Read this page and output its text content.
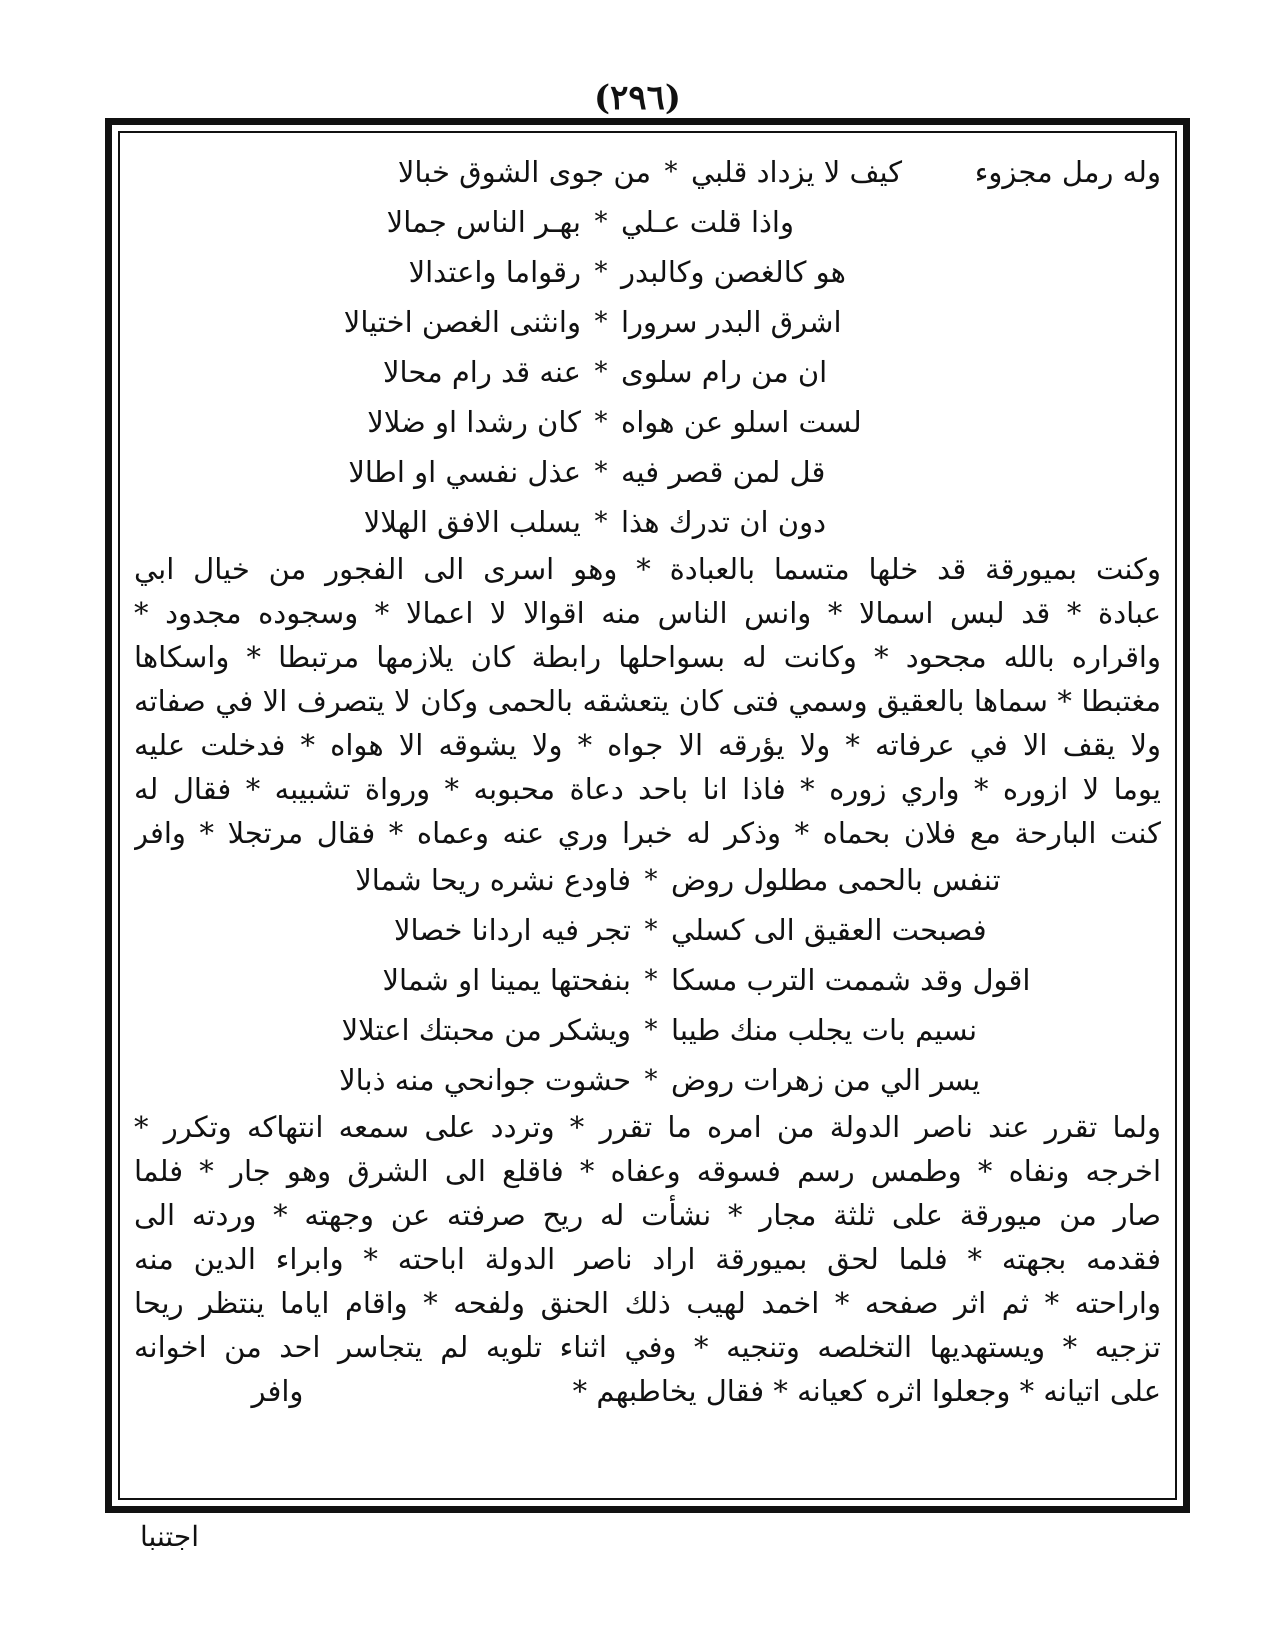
(٢٩٦)
وله رمل مجزوء
كيف لا يزداد قلبي
*
من جوى الشوق خبالا
واذا قلت عـلي
*
بهـر الناس جمالا
هو كالغصن وكالبدر
*
رقواما واعتدالا
اشرق البدر سرورا
*
وانثنى الغصن اختيالا
ان من رام سلوى
*
عنه قد رام محالا
لست اسلو عن هواه
*
كان رشدا او ضلالا
قل لمن قصر فيه
*
عذل نفسي او اطالا
دون ان تدرك هذا
*
يسلب الافق الهلالا
وكنت بميورقة قد خلها متسما بالعبادة * وهو اسرى الى الفجور من خيال ابي
عبادة * قد لبس اسمالا * وانس الناس منه اقوالا لا اعمالا * وسجوده مجدود *
واقراره بالله مجحود * وكانت له بسواحلها رابطة كان يلازمها مرتبطا * واسكاها
مغتبطا * سماها بالعقيق وسمي فتى كان يتعشقه بالحمى وكان لا يتصرف الا في صفاته
ولا يقف الا في عرفاته * ولا يؤرقه الا جواه * ولا يشوقه الا هواه * فدخلت عليه
يوما لا ازوره * واري زوره * فاذا انا باحد دعاة محبوبه * ورواة تشبيبه * فقال له
كنت البارحة مع فلان بحماه * وذكر له خبرا وري عنه وعماه * فقال مرتجلا * وافر
تنفس بالحمى مطلول روض
*
فاودع نشره ريحا شمالا
فصبحت العقيق الى كسلي
*
تجر فيه اردانا خصالا
اقول وقد شممت الترب مسكا
*
بنفحتها يمينا او شمالا
نسيم بات يجلب منك طيبا
*
ويشكر من محبتك اعتلالا
يسر الي من زهرات روض
*
حشوت جوانحي منه ذبالا
ولما تقرر عند ناصر الدولة من امره ما تقرر * وتردد على سمعه انتهاكه وتكرر *
اخرجه ونفاه * وطمس رسم فسوقه وعفاه * فاقلع الى الشرق وهو جار * فلما
صار من ميورقة على ثلثة مجار * نشأت له ريح صرفته عن وجهته * وردته الى
فقدمه بجهته * فلما لحق بميورقة اراد ناصر الدولة اباحته * وابراء الدين منه
واراحته * ثم اثر صفحه * اخمد لهيب ذلك الحنق ولفحه * واقام اياما ينتظر ريحا
تزجيه * ويستهديها التخلصه وتنجيه * وفي اثناء تلويه لم يتجاسر احد من اخوانه
على اتيانه * وجعلوا اثره كعيانه * فقال يخاطبهم * وافر
اجتنبا
